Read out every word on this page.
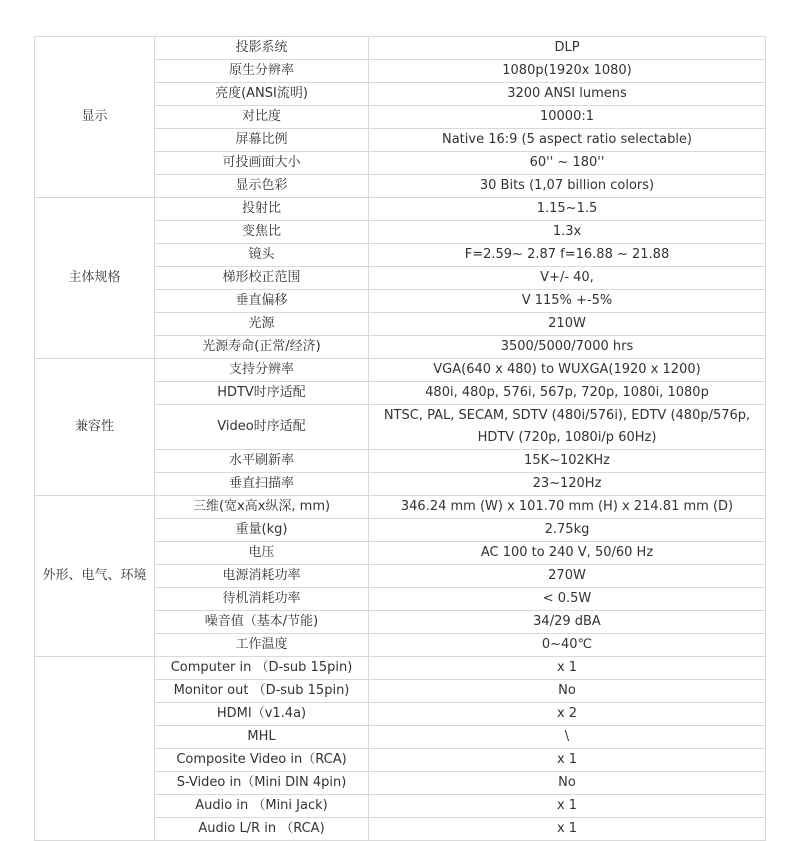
显示	投影系统	DLP
	原生分辨率	1080p(1920x 1080)
	亮度(ANSI流明)	3200 ANSI lumens
	对比度	10000:1
	屏幕比例	Native 16:9 (5 aspect ratio selectable)
	可投画面大小	60'' ~ 180''
	显示色彩	30 Bits (1,07 billion colors)
主体规格	投射比	1.15~1.5
	变焦比	1.3x
	镜头	F=2.59~ 2.87 f=16.88 ~ 21.88
	梯形校正范围	V+/- 40,
	垂直偏移	V 115% +-5%
	光源	210W
	光源寿命(正常/经济)	3500/5000/7000 hrs
兼容性	支持分辨率	VGA(640 x 480) to WUXGA(1920 x 1200)
	HDTV时序适配	480i, 480p, 576i, 567p, 720p, 1080i, 1080p
	Video时序适配	NTSC, PAL, SECAM, SDTV (480i/576i), EDTV (480p/576p, HDTV (720p, 1080i/p 60Hz)
	水平刷新率	15K~102KHz
	垂直扫描率	23~120Hz
外形、电气、环境	三维(宽x高x纵深, mm)	346.24 mm (W) x 101.70 mm (H) x 214.81 mm (D)
	重量(kg)	2.75kg
	电压	AC 100 to 240 V, 50/60 Hz
	电源消耗功率	270W
	待机消耗功率	< 0.5W
	噪音值（基本/节能)	34/29 dBA
	工作温度	0~40℃
	Computer in （D-sub 15pin)	x 1
	Monitor out （D-sub 15pin)	No
	HDMI（v1.4a)	x 2
	MHL	\
	Composite Video in（RCA)	x 1
	S-Video in（Mini DIN 4pin)	No
	Audio in （Mini Jack)	x 1
	Audio L/R in （RCA)	x 1
